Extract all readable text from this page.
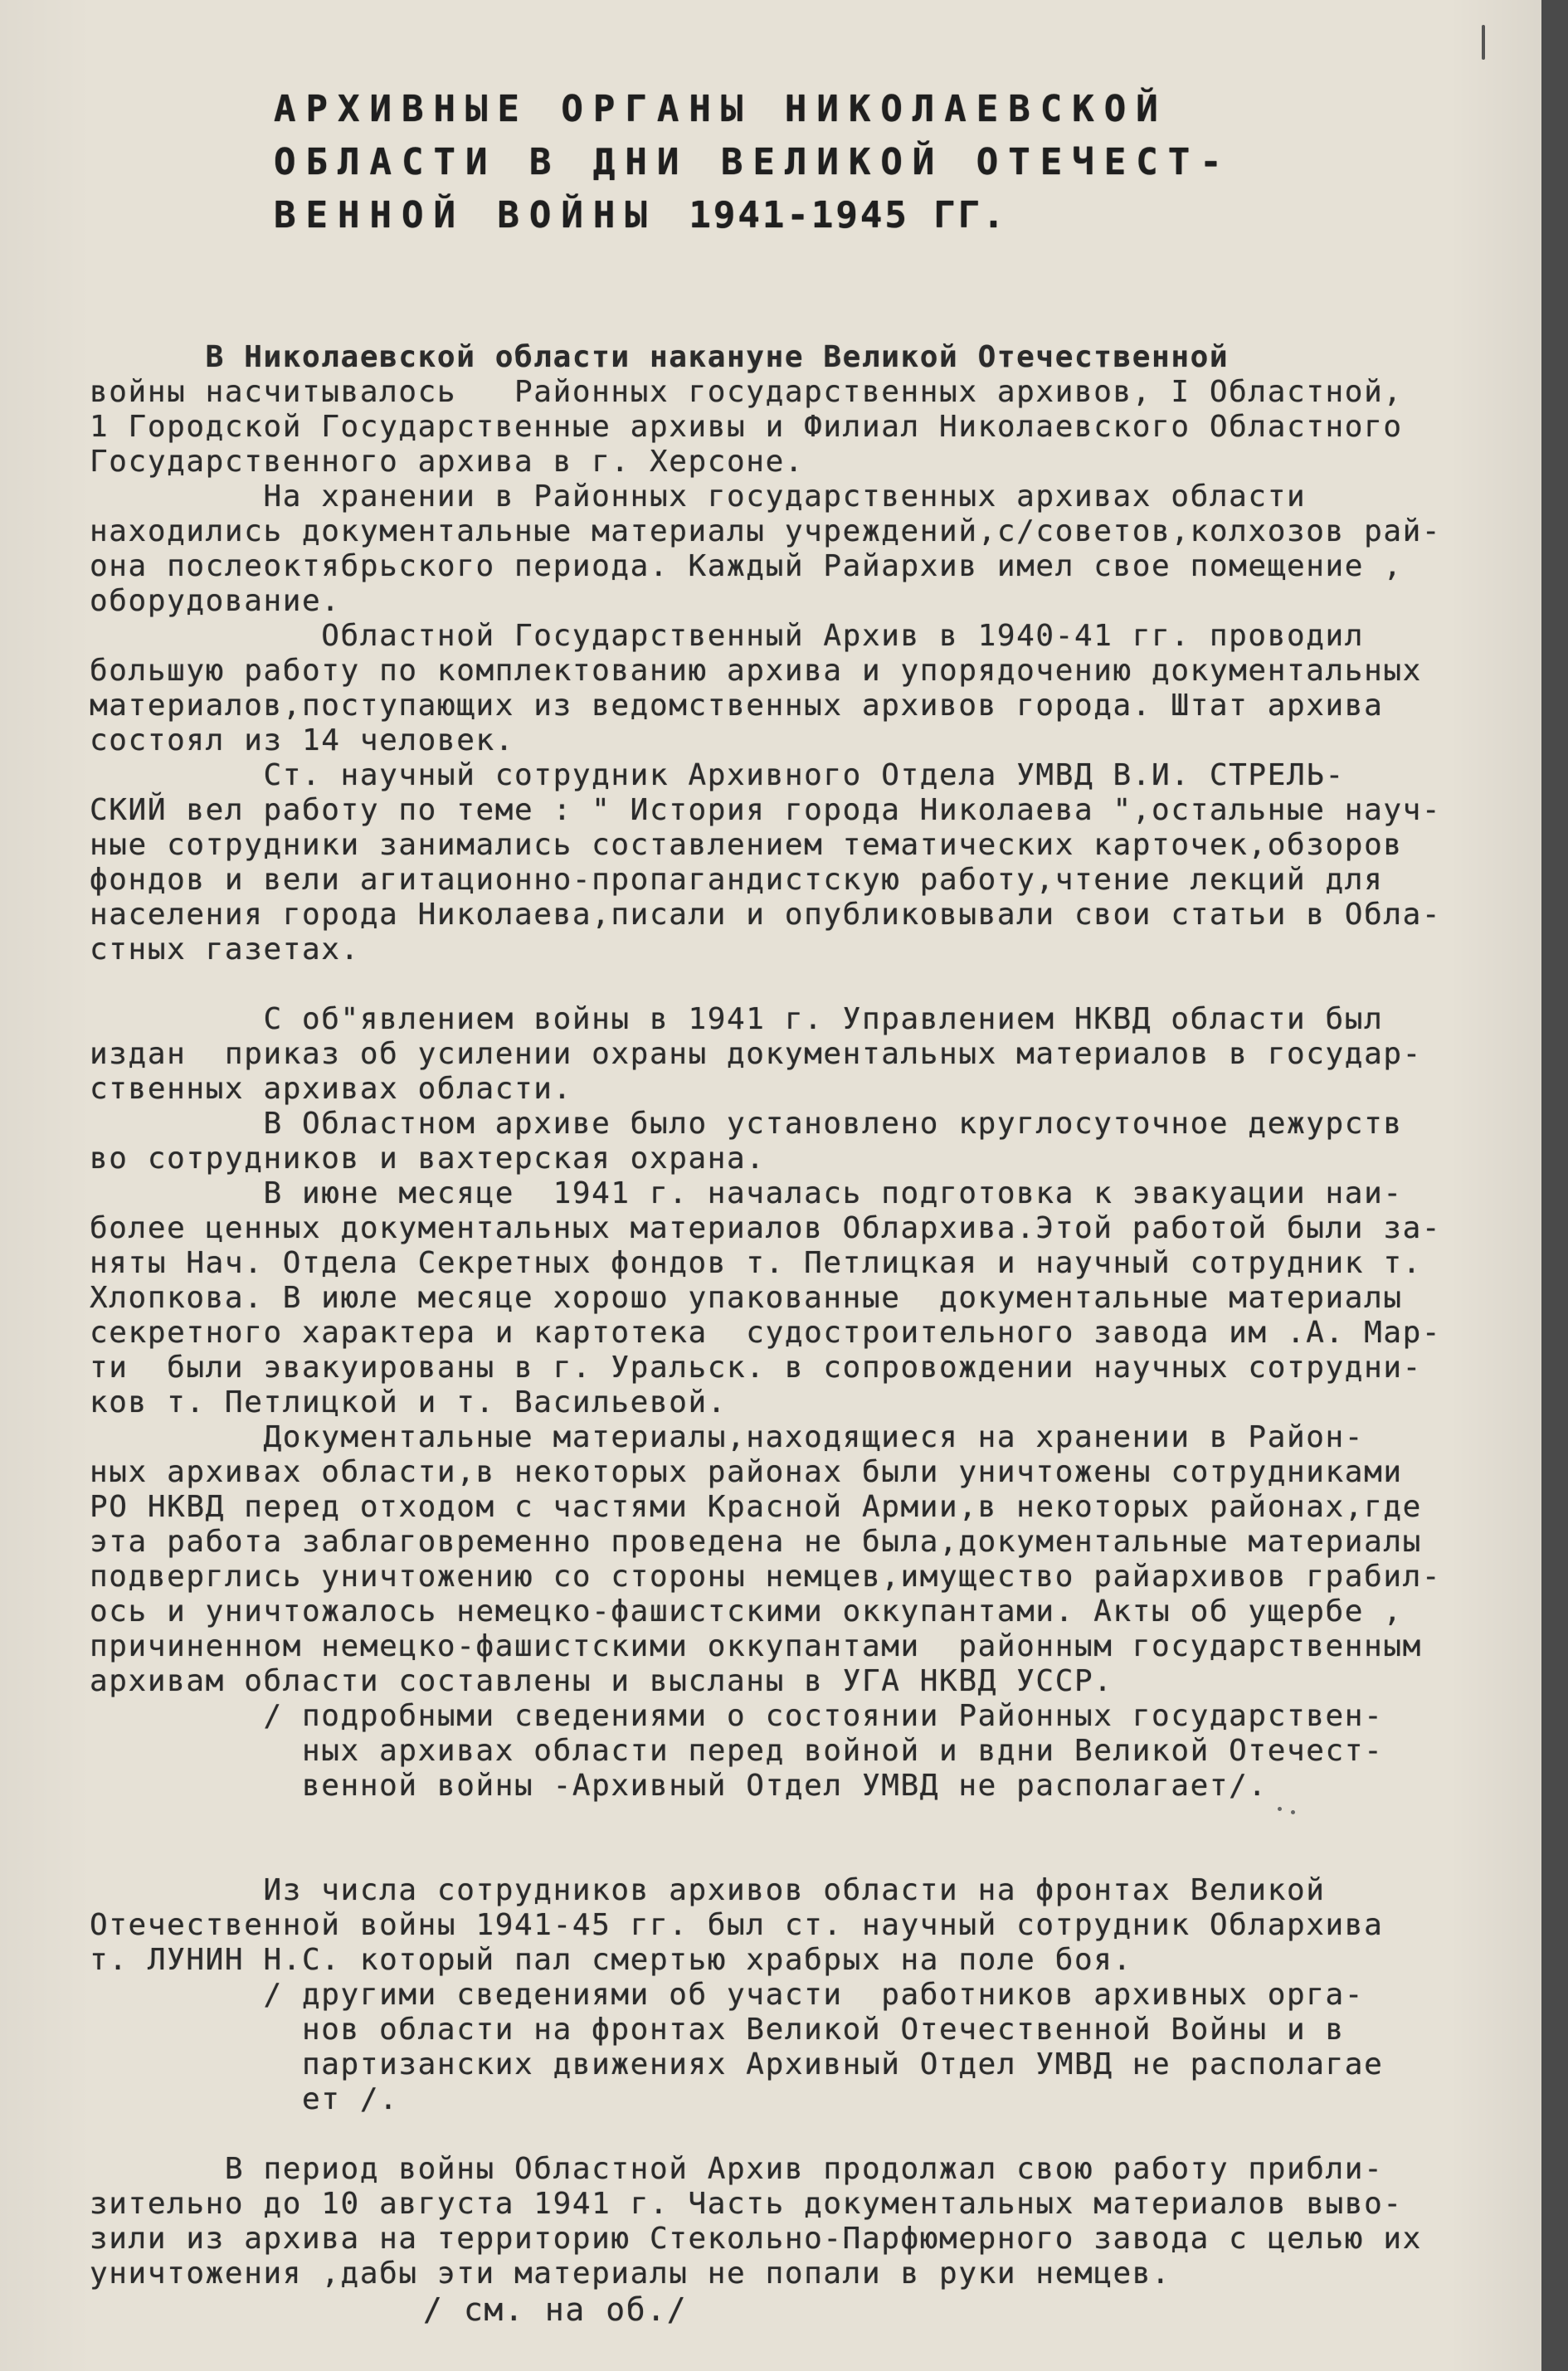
АРХИВНЫЕ ОРГАНЫ НИКОЛАЕВСКОЙ
ОБЛАСТИ В ДНИ ВЕЛИКОЙ ОТЕЧЕСТ-
ВЕННОЙ ВОЙНЫ 1941-1945 ГГ.
В Николаевской области накануне Великой Отечественной
войны насчитывалось   Районных государственных архивов, I Областной,
1 Городской Государственные архивы и Филиал Николаевского Областного
Государственного архива в г. Херсоне.
На хранении в Районных государственных архивах области
находились документальные материалы учреждений,с/советов,колхозов рай-
она послеоктябрьского периода. Каждый Райархив имел свое помещение ,
оборудование.
Областной Государственный Архив в 1940-41 гг. проводил
большую работу по комплектованию архива и упорядочению документальных
материалов,поступающих из ведомственных архивов города. Штат архива
состоял из 14 человек.
Ст. научный сотрудник Архивного Отдела УМВД В.И. СТРЕЛЬ-
СКИЙ вел работу по теме : " История города Николаева ",остальные науч-
ные сотрудники занимались составлением тематических карточек,обзоров
фондов и вели агитационно-пропагандистскую работу,чтение лекций для
населения города Николаева,писали и опубликовывали свои статьи в Обла-
стных газетах.
С об"явлением войны в 1941 г. Управлением НКВД области был
издан  приказ об усилении охраны документальных материалов в государ-
ственных архивах области.
В Областном архиве было установлено круглосуточное дежурств
во сотрудников и вахтерская охрана.
В июне месяце  1941 г. началась подготовка к эвакуации наи-
более ценных документальных материалов Облархива.Этой работой были за-
няты Нач. Отдела Секретных фондов т. Петлицкая и научный сотрудник т.
Хлопкова. В июле месяце хорошо упакованные  документальные материалы
секретного характера и картотека  судостроительного завода им .А. Мар-
ти  были эвакуированы в г. Уральск. в сопровождении научных сотрудни-
ков т. Петлицкой и т. Васильевой.
Документальные материалы,находящиеся на хранении в Район-
ных архивах области,в некоторых районах были уничтожены сотрудниками
РО НКВД перед отходом с частями Красной Армии,в некоторых районах,где
эта работа заблаговременно проведена не была,документальные материалы
подверглись уничтожению со стороны немцев,имущество райархивов грабил-
ось и уничтожалось немецко-фашистскими оккупантами. Акты об ущербе ,
причиненном немецко-фашистскими оккупантами  районным государственным
архивам области составлены и высланы в УГА НКВД УССР.
/ подробными сведениями о состоянии Районных государствен-
ных архивах области перед войной и вдни Великой Отечест-
венной войны -Архивный Отдел УМВД не располагает/.
Из числа сотрудников архивов области на фронтах Великой
Отечественной войны 1941-45 гг. был ст. научный сотрудник Облархива
т. ЛУНИН Н.С. который пал смертью храбрых на поле боя.
/ другими сведениями об участи  работников архивных орга-
нов области на фронтах Великой Отечественной Войны и в
партизанских движениях Архивный Отдел УМВД не располагае
ет /.
В период войны Областной Архив продолжал свою работу прибли-
зительно до 10 августа 1941 г. Часть документальных материалов выво-
зили из архива на территорию Стекольно-Парфюмерного завода с целью их
уничтожения ,дабы эти материалы не попали в руки немцев.
/ см. на об./
